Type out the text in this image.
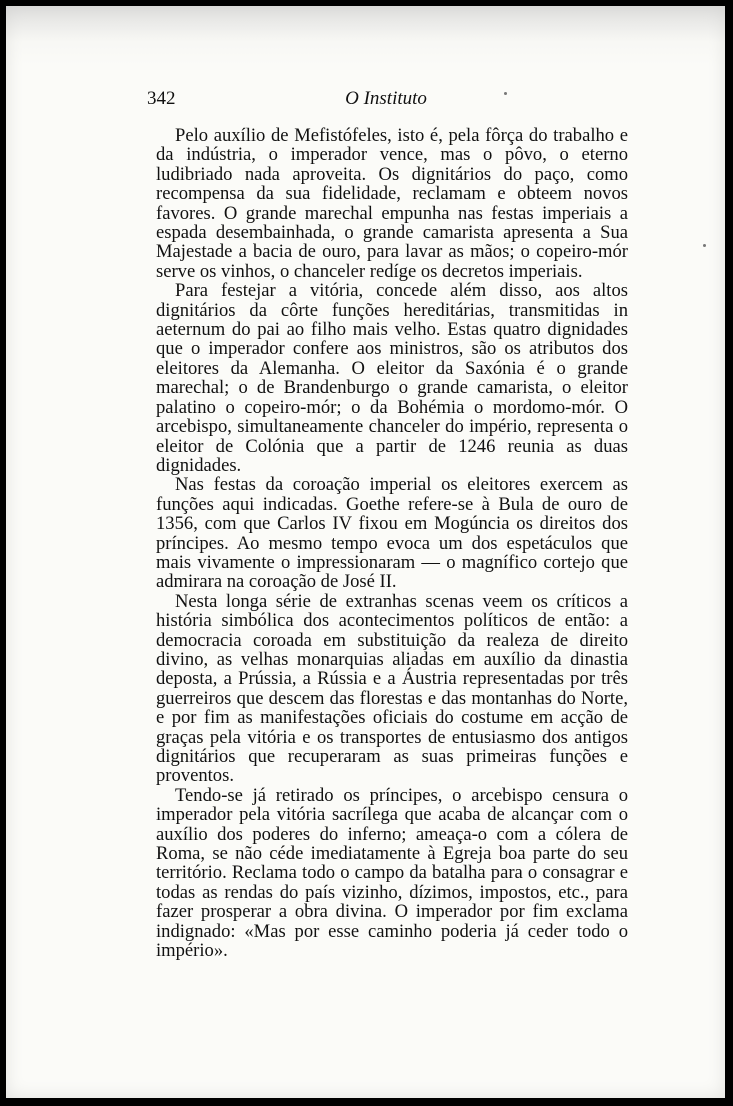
342	O Instituto

Pelo auxílio de Mefistófeles, isto é, pela fôrça do trabalho e da indústria, o imperador vence, mas o pôvo, o eterno ludibriado nada aproveita. Os dignitários do paço, como recompensa da sua fidelidade, reclamam e obteem novos favores. O grande marechal empunha nas festas imperiais a espada desembainhada, o grande camarista apresenta a Sua Majestade a bacia de ouro, para lavar as mãos; o copeiro-mór serve os vinhos, o chanceler redíge os decretos imperiais.

Para festejar a vitória, concede além disso, aos altos dignitários da côrte funções hereditárias, transmitidas in aeternum do pai ao filho mais velho. Estas quatro dignidades que o imperador confere aos ministros, são os atributos dos eleitores da Alemanha. O eleitor da Saxónia é o grande marechal; o de Brandenburgo o grande camarista, o eleitor palatino o copeiro-mór; o da Bohémia o mordomo-mór. O arcebispo, simultaneamente chanceler do império, representa o eleitor de Colónia que a partir de 1246 reunia as duas dignidades.

Nas festas da coroação imperial os eleitores exercem as funções aqui indicadas. Goethe refere-se à Bula de ouro de 1356, com que Carlos IV fixou em Mogúncia os direitos dos príncipes. Ao mesmo tempo evoca um dos espetáculos que mais vivamente o impressionaram — o magnífico cortejo que admirara na coroação de José II.

Nesta longa série de extranhas scenas veem os críticos a história simbólica dos acontecimentos políticos de então: a democracia coroada em substituição da realeza de direito divino, as velhas monarquias aliadas em auxílio da dinastia deposta, a Prússia, a Rússia e a Áustria representadas por três guerreiros que descem das florestas e das montanhas do Norte, e por fim as manifestações oficiais do costume em acção de graças pela vitória e os transportes de entusiasmo dos antigos dignitários que recuperaram as suas primeiras funções e proventos.

Tendo-se já retirado os príncipes, o arcebispo censura o imperador pela vitória sacrílega que acaba de alcançar com o auxílio dos poderes do inferno; ameaça-o com a cólera de Roma, se não céde imediatamente à Egreja boa parte do seu território. Reclama todo o campo da batalha para o consagrar e todas as rendas do país vizinho, dízimos, impostos, etc., para fazer prosperar a obra divina. O imperador por fim exclama indignado: «Mas por esse caminho poderia já ceder todo o império».
